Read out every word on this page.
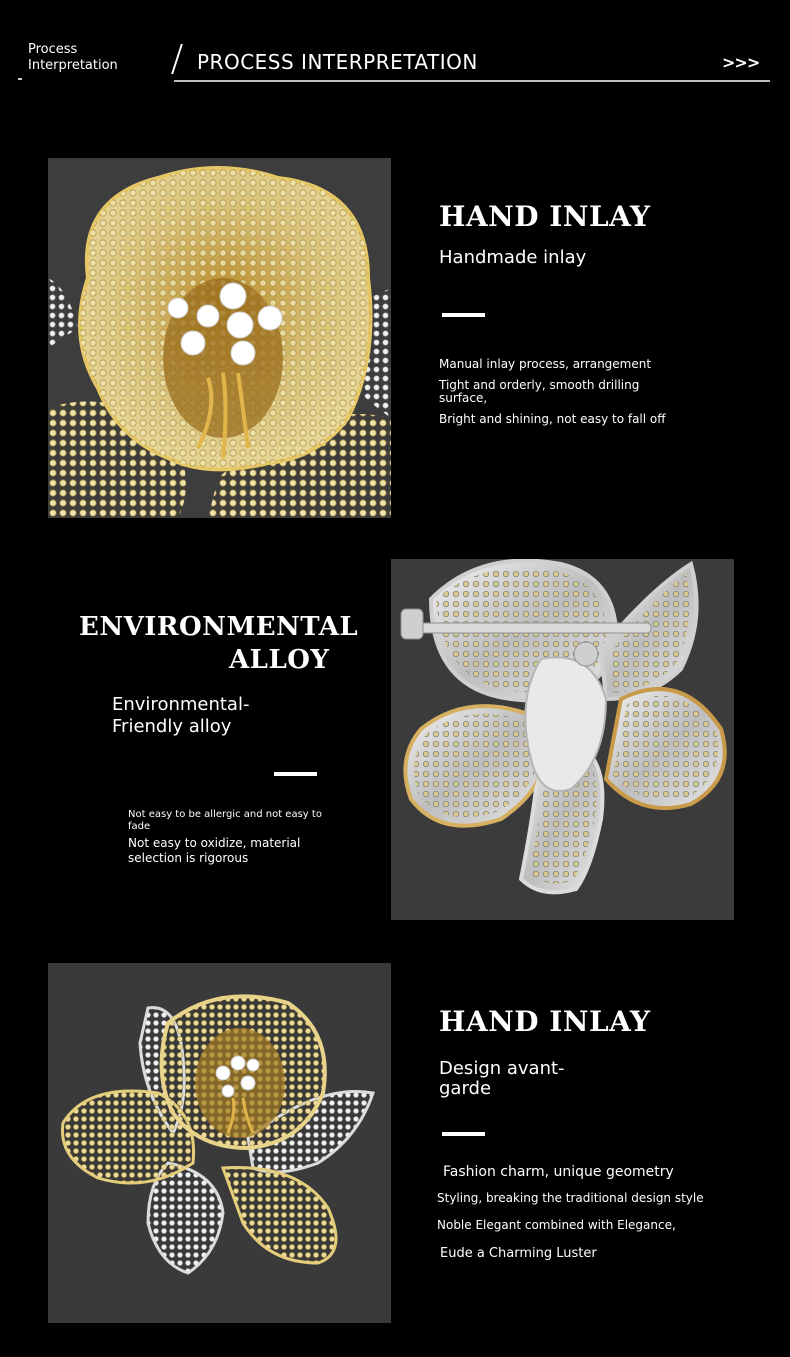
Process
Interpretation	PROCESS INTERPRETATION	>>>
HAND INLAY
Handmade inlay
Manual inlay process, arrangement
Tight and orderly, smooth drilling
surface,
Bright and shining, not easy to fall off
ENVIRONMENTAL
ALLOY
Environmental-
Friendly alloy
Not easy to be allergic and not easy to
fade
Not easy to oxidize, material
selection is rigorous
HAND INLAY
Design avant-
garde
Fashion charm, unique geometry
Styling, breaking the traditional design style
Noble Elegant combined with Elegance,
Eude a Charming Luster
